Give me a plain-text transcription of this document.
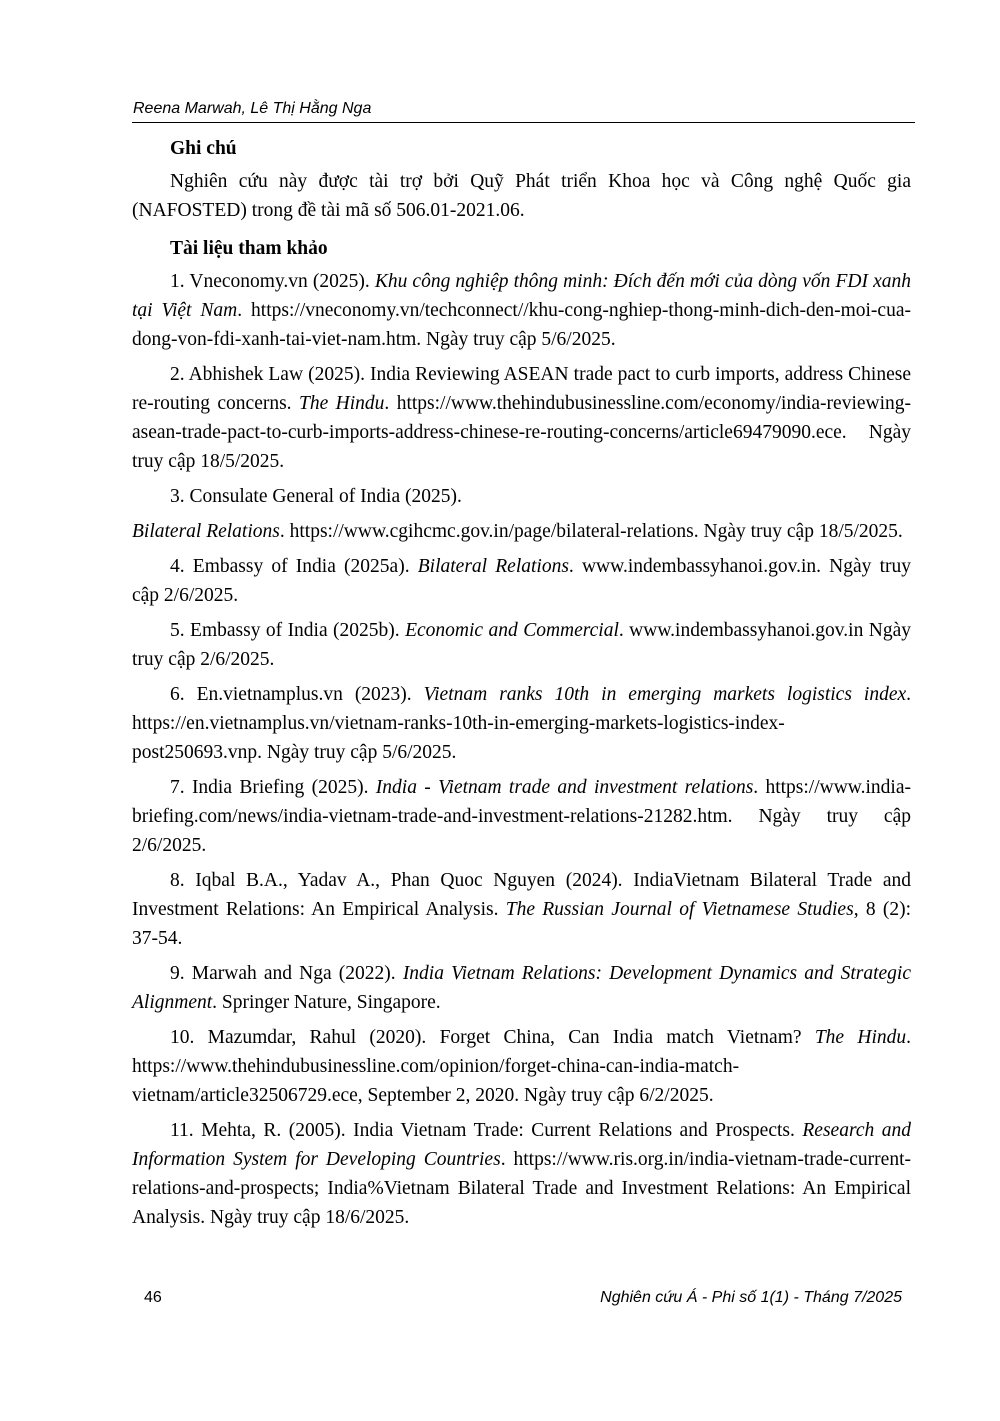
Reena Marwah, Lê Thị Hằng Nga

Ghi chú

Nghiên cứu này được tài trợ bởi Quỹ Phát triển Khoa học và Công nghệ Quốc gia (NAFOSTED) trong đề tài mã số 506.01-2021.06.

Tài liệu tham khảo

1. Vneconomy.vn (2025). Khu công nghiệp thông minh: Đích đến mới của dòng vốn FDI xanh tại Việt Nam. https://vneconomy.vn/techconnect//khu-cong-nghiep-thong-minh-dich-den-moi-cua-dong-von-fdi-xanh-tai-viet-nam.htm. Ngày truy cập 5/6/2025.

2. Abhishek Law (2025). India Reviewing ASEAN trade pact to curb imports, address Chinese re-routing concerns. The Hindu. https://www.thehindubusinessline.com/economy/india-reviewing-asean-trade-pact-to-curb-imports-address-chinese-re-routing-concerns/article69479090.ece. Ngày truy cập 18/5/2025.

3. Consulate General of India (2025).

Bilateral Relations. https://www.cgihcmc.gov.in/page/bilateral-relations. Ngày truy cập 18/5/2025.

4. Embassy of India (2025a). Bilateral Relations. www.indembassyhanoi.gov.in. Ngày truy cập 2/6/2025.

5. Embassy of India (2025b). Economic and Commercial. www.indembassyhanoi.gov.in Ngày truy cập 2/6/2025.

6. En.vietnamplus.vn (2023). Vietnam ranks 10th in emerging markets logistics index. https://en.vietnamplus.vn/vietnam-ranks-10th-in-emerging-markets-logistics-index-post250693.vnp. Ngày truy cập 5/6/2025.

7. India Briefing (2025). India - Vietnam trade and investment relations. https://www.india-briefing.com/news/india-vietnam-trade-and-investment-relations-21282.htm. Ngày truy cập 2/6/2025.

8. Iqbal B.A., Yadav A., Phan Quoc Nguyen (2024). IndiaVietnam Bilateral Trade and Investment Relations: An Empirical Analysis. The Russian Journal of Vietnamese Studies, 8 (2): 37-54.

9. Marwah and Nga (2022). India Vietnam Relations: Development Dynamics and Strategic Alignment. Springer Nature, Singapore.

10. Mazumdar, Rahul (2020). Forget China, Can India match Vietnam? The Hindu. https://www.thehindubusinessline.com/opinion/forget-china-can-india-match-vietnam/article32506729.ece, September 2, 2020. Ngày truy cập 6/2/2025.

11. Mehta, R. (2005). India Vietnam Trade: Current Relations and Prospects. Research and Information System for Developing Countries. https://www.ris.org.in/india-vietnam-trade-current-relations-and-prospects; India%Vietnam Bilateral Trade and Investment Relations: An Empirical Analysis. Ngày truy cập 18/6/2025.

46	Nghiên cứu Á - Phi số 1(1) - Tháng 7/2025
